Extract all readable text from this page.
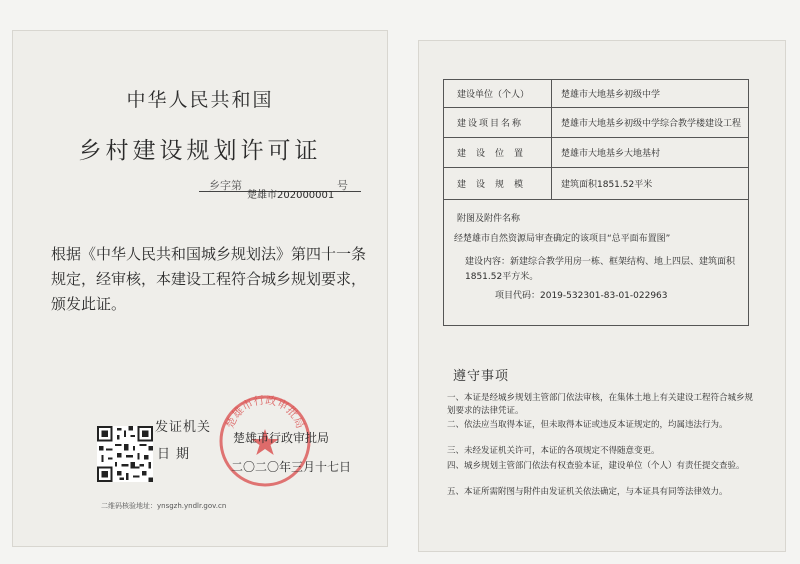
中华人民共和国
乡村建设规划许可证
乡字第	号
楚雄市202000001
根据《中华人民共和国城乡规划法》第四十一条规定，经审核，本建设工程符合城乡规划要求，颁发此证。
楚雄市行政审批局
发证机关
楚雄市行政审批局
日期
二〇二〇年三月十七日
二维码核验地址：ynsgzh.yndlr.gov.cn
建设单位（个人）	楚雄市大地基乡初级中学
建设项目名称	楚雄市大地基乡初级中学综合教学楼建设工程
建设位置	楚雄市大地基乡大地基村
建设规模	建筑面积1851.52平米
附图及附件名称
经楚雄市自然资源局审查确定的该项目“总平面布置图”
建设内容：新建综合教学用房一栋、框架结构、地上四层、建筑面积1851.52平方米。
项目代码：2019-532301-83-01-022963
遵守事项
一、本证是经城乡规划主管部门依法审核，在集体土地上有关建设工程符合城乡规划要求的法律凭证。
二、依法应当取得本证，但未取得本证或违反本证规定的，均属违法行为。
三、未经发证机关许可，本证的各项规定不得随意变更。
四、城乡规划主管部门依法有权查验本证，建设单位（个人）有责任提交查验。
五、本证所需附图与附件由发证机关依法确定，与本证具有同等法律效力。
